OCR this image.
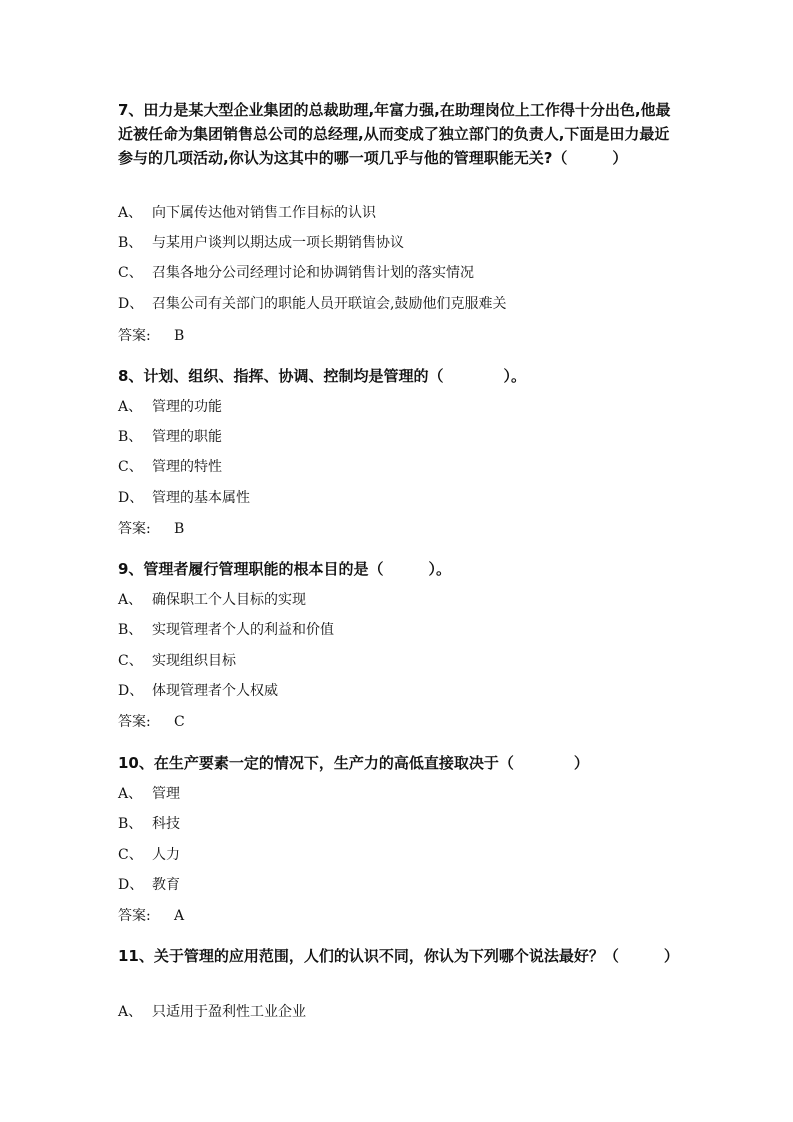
7、田力是某大型企业集团的总裁助理,年富力强,在助理岗位上工作得十分出色,他最近被任命为集团销售总公司的总经理,从而变成了独立部门的负责人,下面是田力最近参与的几项活动,你认为这其中的哪一项几乎与他的管理职能无关?（　　　）
A、 向下属传达他对销售工作目标的认识
B、 与某用户谈判以期达成一项长期销售协议
C、 召集各地分公司经理讨论和协调销售计划的落实情况
D、 召集公司有关部门的职能人员开联谊会,鼓励他们克服难关
答案: B
8、计划、组织、指挥、协调、控制均是管理的（　　　　）。
A、 管理的功能
B、 管理的职能
C、 管理的特性
D、 管理的基本属性
答案: B
9、管理者履行管理职能的根本目的是（　　　）。
A、 确保职工个人目标的实现
B、 实现管理者个人的利益和价值
C、 实现组织目标
D、 体现管理者个人权威
答案: C
10、在生产要素一定的情况下，生产力的高低直接取决于（　　　　）
A、 管理
B、 科技
C、 人力
D、 教育
答案: A
11、关于管理的应用范围，人们的认识不同，你认为下列哪个说法最好？（　　　）
A、 只适用于盈利性工业企业
